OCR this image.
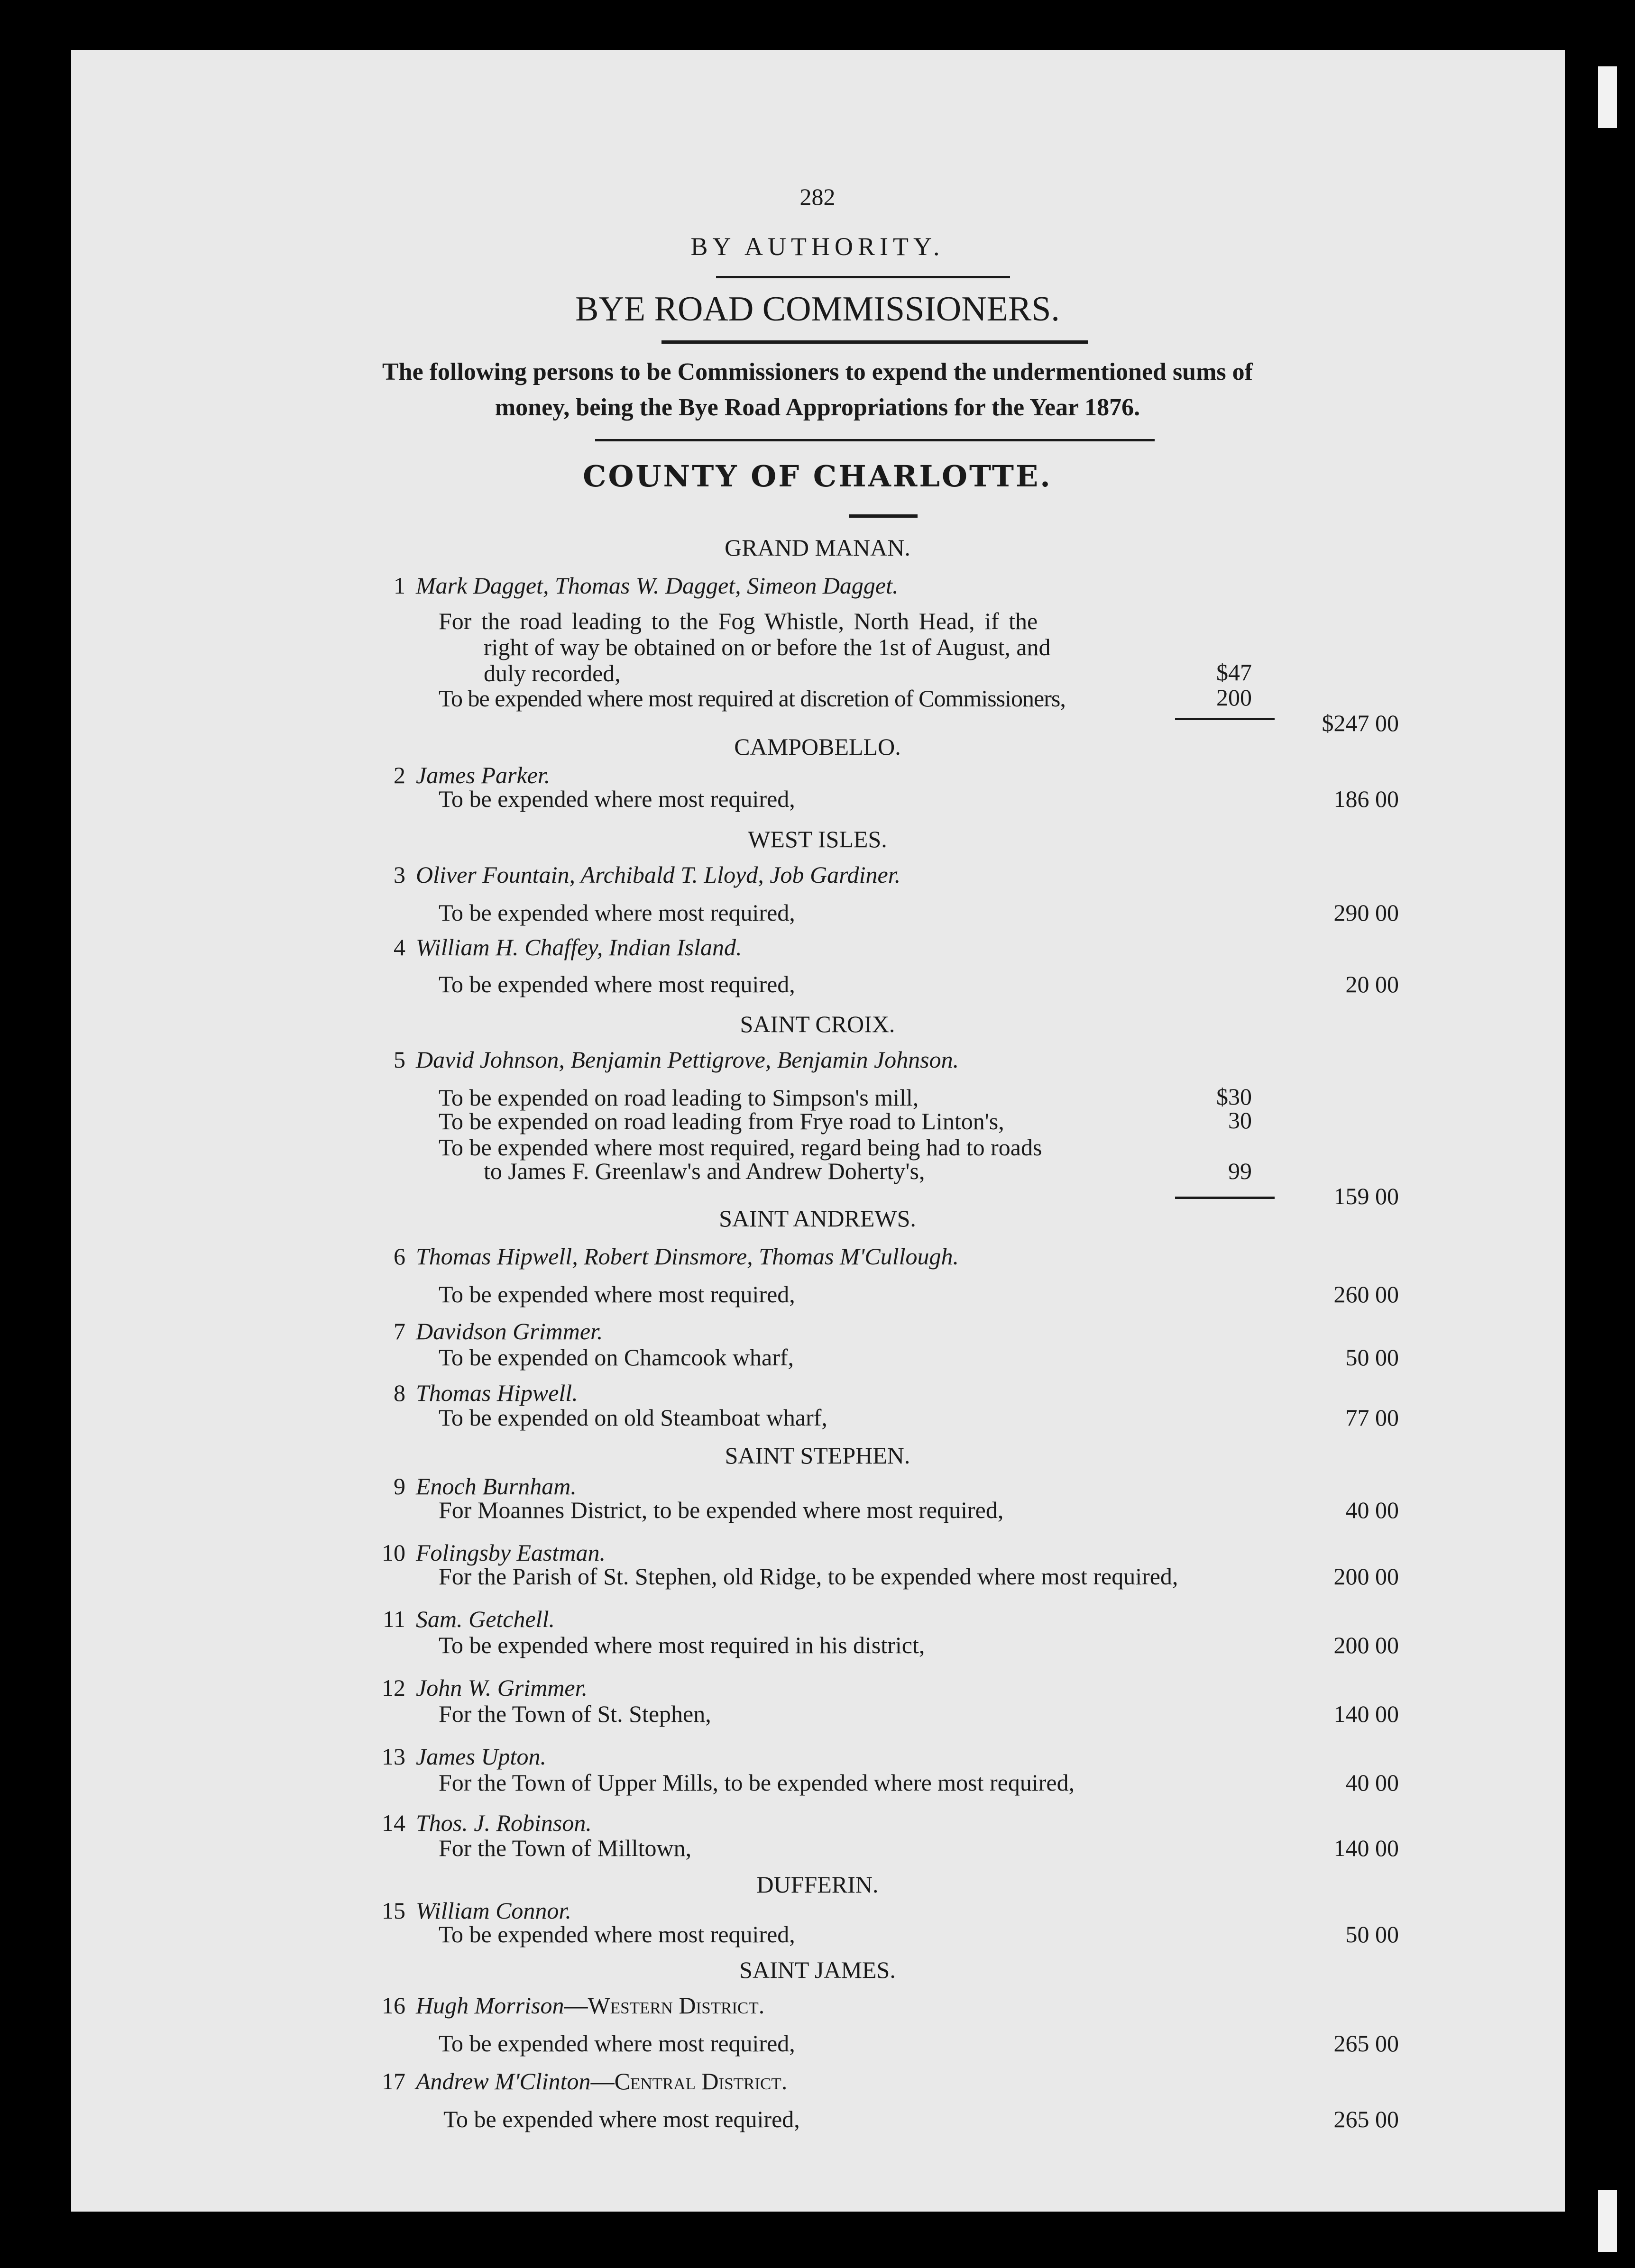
282
BY AUTHORITY.
BYE ROAD COMMISSIONERS.
The following persons to be Commissioners to expend the undermentioned sums of
money, being the Bye Road Appropriations for the Year 1876.
COUNTY OF CHARLOTTE.
GRAND MANAN.
1 Mark Dagget, Thomas W. Dagget, Simeon Dagget.
For the road leading to the Fog Whistle, North Head, if the
right of way be obtained on or before the 1st of August, and
duly recorded,	$47
To be expended where most required at discretion of Commissioners,	200
$247 00
CAMPOBELLO.
2 James Parker.
To be expended where most required,	186 00
WEST ISLES.
3 Oliver Fountain, Archibald T. Lloyd, Job Gardiner.
To be expended where most required,	290 00
4 William H. Chaffey, Indian Island.
To be expended where most required,	20 00
SAINT CROIX.
5 David Johnson, Benjamin Pettigrove, Benjamin Johnson.
To be expended on road leading to Simpson's mill,	$30
To be expended on road leading from Frye road to Linton's,	30
To be expended where most required, regard being had to roads
to James F. Greenlaw's and Andrew Doherty's,	99
159 00
SAINT ANDREWS.
6 Thomas Hipwell, Robert Dinsmore, Thomas M'Cullough.
To be expended where most required,	260 00
7 Davidson Grimmer.
To be expended on Chamcook wharf,	50 00
8 Thomas Hipwell.
To be expended on old Steamboat wharf,	77 00
SAINT STEPHEN.
9 Enoch Burnham.
For Moannes District, to be expended where most required,	40 00
10 Folingsby Eastman.
For the Parish of St. Stephen, old Ridge, to be expended where most required,	200 00
11 Sam. Getchell.
To be expended where most required in his district,	200 00
12 John W. Grimmer.
For the Town of St. Stephen,	140 00
13 James Upton.
For the Town of Upper Mills, to be expended where most required,	40 00
14 Thos. J. Robinson.
For the Town of Milltown,	140 00
DUFFERIN.
15 William Connor.
To be expended where most required,	50 00
SAINT JAMES.
16 Hugh Morrison—Western District.
To be expended where most required,	265 00
17 Andrew M'Clinton—Central District.
To be expended where most required,	265 00
